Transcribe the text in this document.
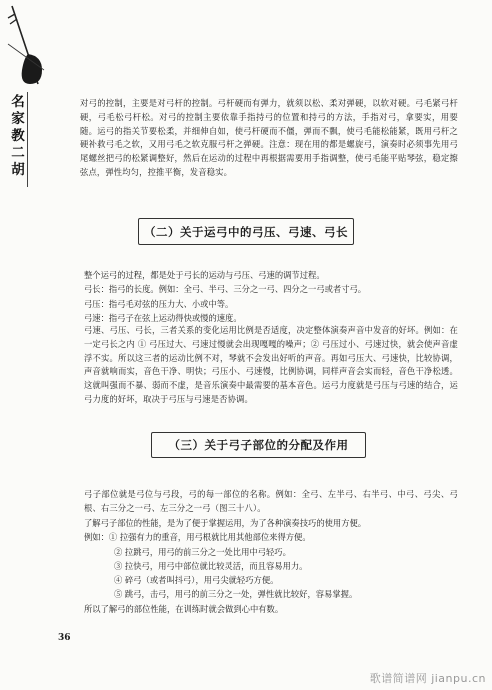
名
家
教
二
胡

对弓的控制，主要是对弓杆的控制。弓杆硬而有弹力，就须以松、柔对弹硬，以软对硬。弓毛紧弓杆硬，弓毛松弓杆松。对弓的控制主要依靠手指持弓的位置和持弓的方法，手指对弓，拿要实，用要随。运弓的指关节要松柔，并细伸自如，使弓杆硬而不僵，弹而不飘，使弓毛能松能紧，既用弓杆之硬补救弓毛之软，又用弓毛之软克服弓杆之弹硬。注意：现在用的都是螺旋弓，演奏时必须事先用弓尾螺丝把弓的松紧调整好，然后在运动的过程中再根据需要用手指调整，使弓毛能平贴琴弦，稳定擦弦点，弹性均匀，控推平衡，发音稳实。

（二）关于运弓中的弓压、弓速、弓长
整个运弓的过程，都是处于弓长的运动与弓压、弓速的调节过程。
弓长：指弓的长度。例如：全弓、半弓、三分之一弓、四分之一弓或者寸弓。
弓压：指弓毛对弦的压力大、小或中等。
弓速：指弓子在弦上运动得快或慢的速度。

弓速、弓压、弓长，三者关系的变化运用比例是否适度，决定整体演奏声音中发音的好坏。例如：在一定弓长之内 ① 弓压过大、弓速过慢就会出现嘎嘎的噪声；② 弓压过小、弓速过快，就会使声音虚浮不实。所以这三者的运动比例不对，琴就不会发出好听的声音。再如弓压大、弓速快，比较协调，声音就响而实，音色干净、明快；弓压小、弓速慢，比例协调，同样声音会实而轻，音色干净松透。这就叫强而不暴、弱而不虚，是音乐演奏中最需要的基本音色。运弓力度就是弓压与弓速的结合，运弓力度的好坏，取决于弓压与弓速是否协调。

（三）关于弓子部位的分配及作用

弓子部位就是弓位与弓段，弓的每一部位的名称。例如：全弓、左半弓、右半弓、中弓、弓尖、弓根、右三分之一弓、左三分之一弓（图三十八）。

了解弓子部位的性能，是为了便于掌握运用，为了各种演奏技巧的使用方便。
例如：① 拉强有力的重音，用弓根就比用其他部位来得方便。
② 拉跳弓，用弓的前三分之一处比用中弓轻巧。
③ 拉快弓，用弓中部位就比较灵活，而且容易用力。
④ 碎弓（或者叫抖弓），用弓尖就轻巧方便。
⑤ 跳弓，击弓，用弓的前三分之一处，弹性就比较好，容易掌握。
所以了解弓的部位性能，在训练时就会做到心中有数。
36
歌谱简谱网 jianpu.cn
